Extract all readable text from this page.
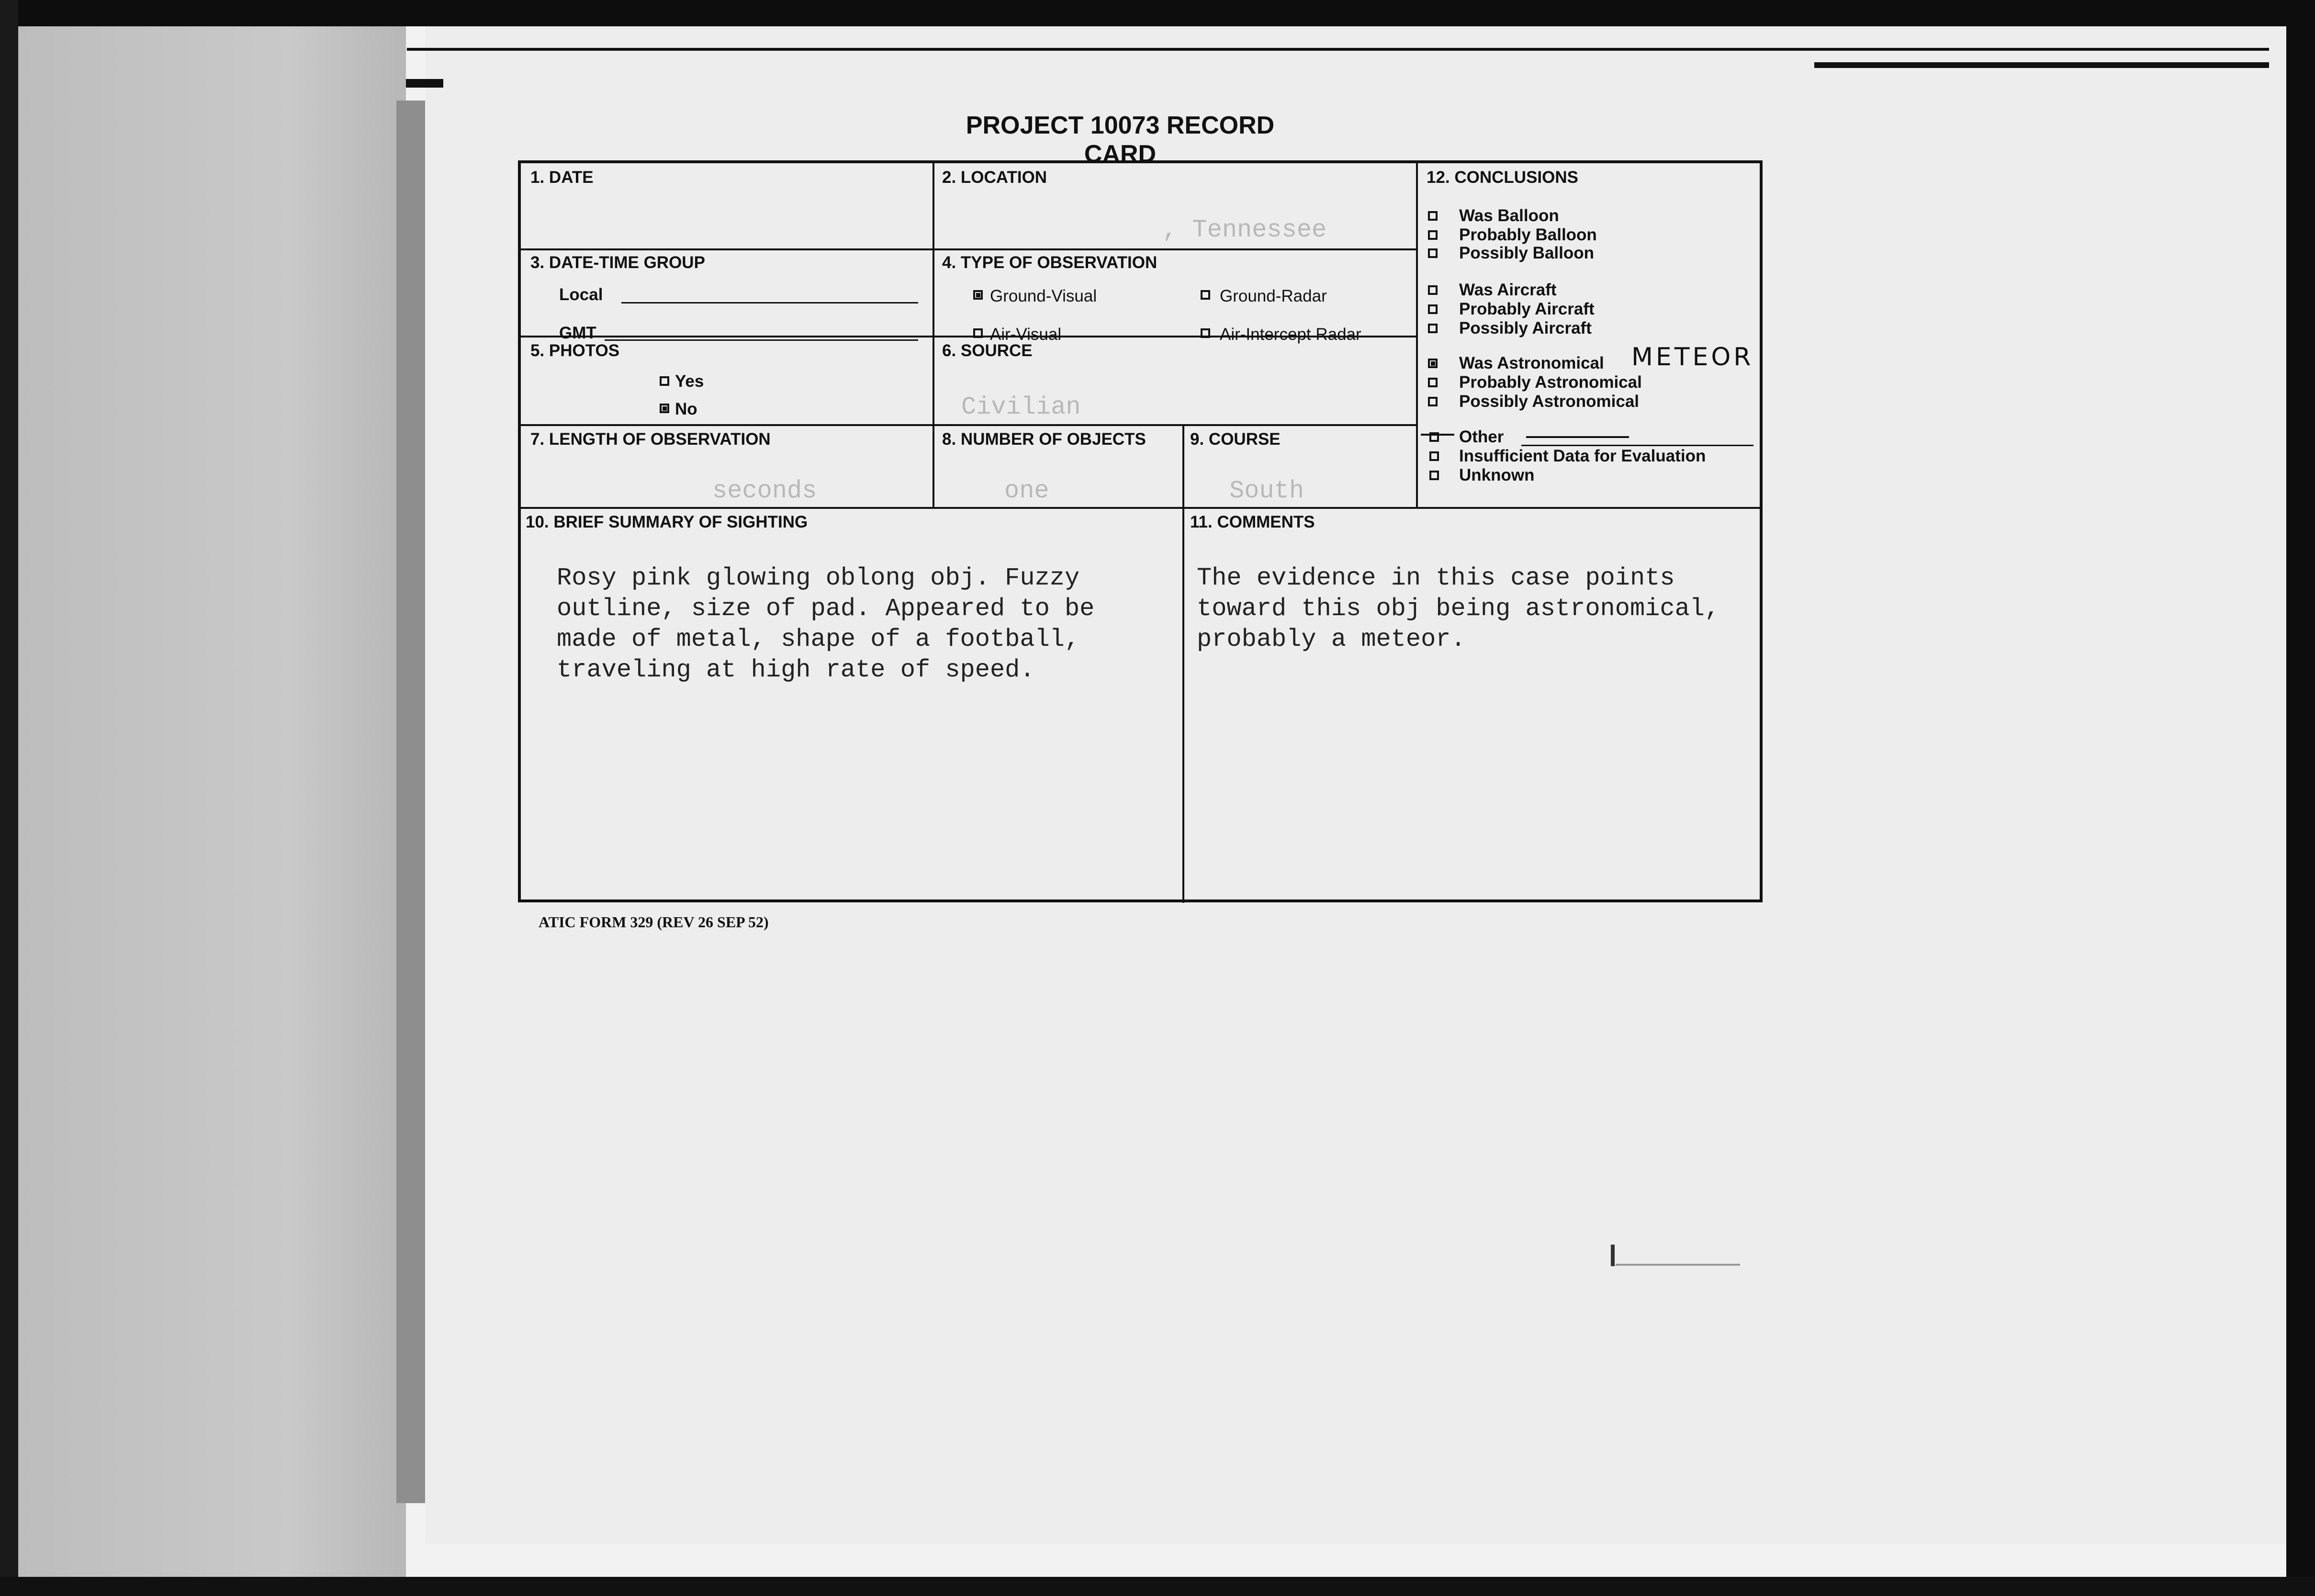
PROJECT 10073 RECORD CARD
1. DATE	2. LOCATION
, Tennessee
3. DATE-TIME GROUP
Local
GMT
4. TYPE OF OBSERVATION
Ground-Visual	Ground-Radar
Air-Visual	Air-Intercept Radar
5. PHOTOS
Yes
No
6. SOURCE
Civilian
7. LENGTH OF OBSERVATION
seconds
8. NUMBER OF OBJECTS
one
9. COURSE
South
10. BRIEF SUMMARY OF SIGHTING
Rosy pink glowing oblong obj. Fuzzy
outline, size of pad. Appeared to be
made of metal, shape of a football,
traveling at high rate of speed.
11. COMMENTS
The evidence in this case points
toward this obj being astronomical,
probably a meteor.
12. CONCLUSIONS
Was Balloon
Probably Balloon
Possibly Balloon
Was Aircraft
Probably Aircraft
Possibly Aircraft
Was Astronomical METEOR
Probably Astronomical
Possibly Astronomical
Other
Insufficient Data for Evaluation
Unknown
ATIC FORM 329 (REV 26 SEP 52)
